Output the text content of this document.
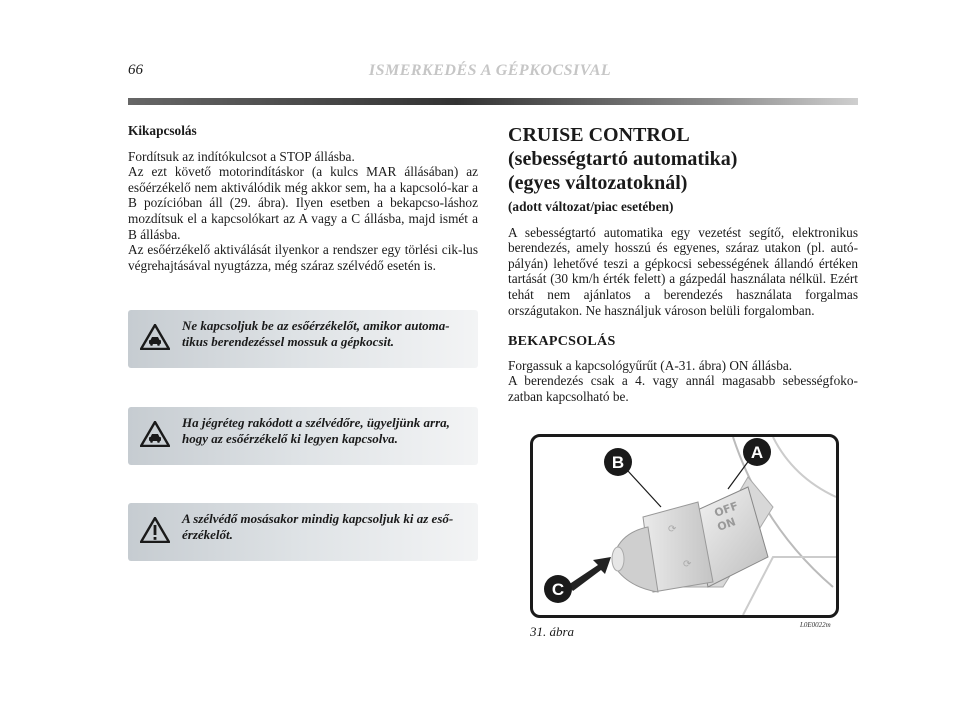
66	ISMERKEDÉS A GÉPKOCSIVAL
Kikapcsolás

Fordítsuk az indítókulcsot a STOP állásba.

Az ezt követő motorindításkor (a kulcs MAR állásában) az esőérzékelő nem aktiválódik még akkor sem, ha a kapcsoló-kar a B pozícióban áll (29. ábra). Ilyen esetben a bekapcso-láshoz mozdítsuk el a kapcsolókart az A vagy a C állásba, majd ismét a B állásba.

Az esőérzékelő aktiválását ilyenkor a rendszer egy törlési cik-lus végrehajtásával nyugtázza, még száraz szélvédő esetén is.

Ne kapcsoljuk be az esőérzékelőt, amikor automa-tikus berendezéssel mossuk a gépkocsit.
Ha jégréteg rakódott a szélvédőre, ügyeljünk arra, hogy az esőérzékelő ki legyen kapcsolva.
A szélvédő mosásakor mindig kapcsoljuk ki az eső-érzékelőt.
CRUISE CONTROL
(sebességtartó automatika)
(egyes változatoknál)
(adott változat/piac esetében)

A sebességtartó automatika egy vezetést segítő, elektronikus berendezés, amely hosszú és egyenes, száraz utakon (pl. autó-pályán) lehetővé teszi a gépkocsi sebességének állandó értéken tartását (30 km/h érték felett) a gázpedál használata nélkül. Ezért tehát nem ajánlatos a berendezés használata forgalmas országutakon. Ne használjuk városon belüli forgalomban.

BEKAPCSOLÁS

Forgassuk a kapcsológyűrűt (A-31. ábra) ON állásba.

A berendezés csak a 4. vagy annál magasabb sebességfoko-zatban kapcsolható be.

OFF
ON
⟳
⟳
B
A
C
31. ábra	L0E0022m
